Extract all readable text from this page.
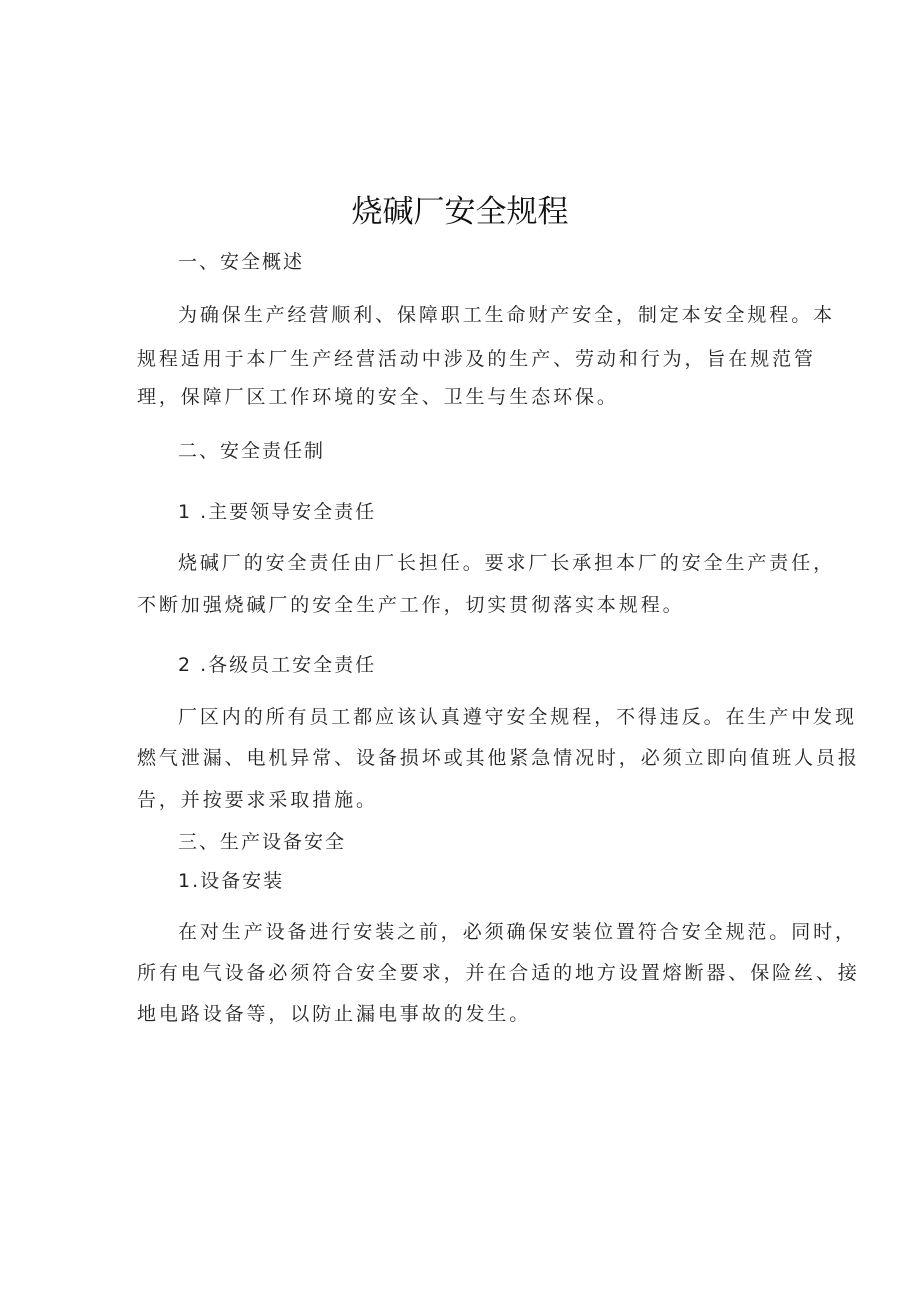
烧碱厂安全规程
一、安全概述
为确保生产经营顺利、保障职工生命财产安全，制定本安全规程。本
规程适用于本厂生产经营活动中涉及的生产、劳动和行为，旨在规范管
理，保障厂区工作环境的安全、卫生与生态环保。
二、安全责任制
1 .主要领导安全责任
烧碱厂的安全责任由厂长担任。要求厂长承担本厂的安全生产责任，
不断加强烧碱厂的安全生产工作，切实贯彻落实本规程。
2 .各级员工安全责任
厂区内的所有员工都应该认真遵守安全规程，不得违反。在生产中发现
燃气泄漏、电机异常、设备损坏或其他紧急情况时，必须立即向值班人员报
告，并按要求采取措施。
三、生产设备安全
1.设备安装
在对生产设备进行安装之前，必须确保安装位置符合安全规范。同时，
所有电气设备必须符合安全要求，并在合适的地方设置熔断器、保险丝、接
地电路设备等，以防止漏电事故的发生。
